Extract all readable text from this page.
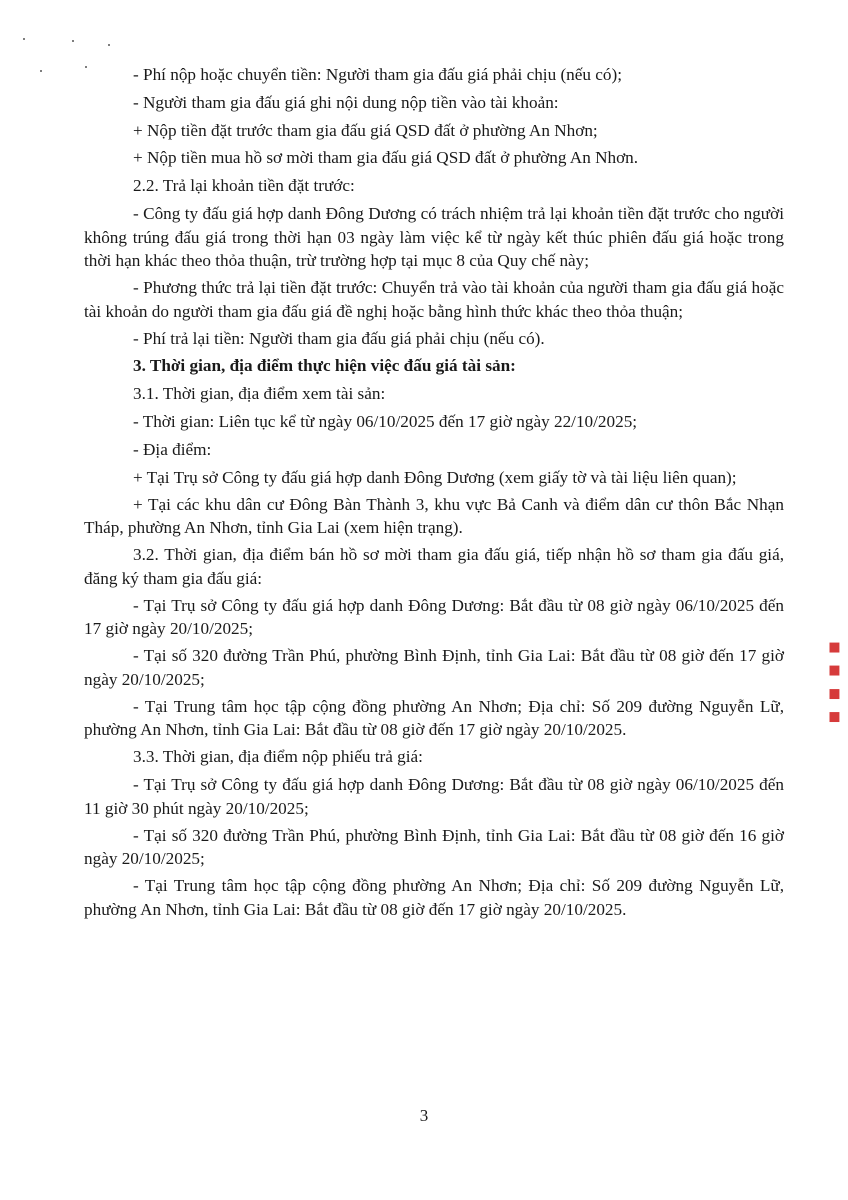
- Phí nộp hoặc chuyển tiền: Người tham gia đấu giá phải chịu (nếu có);

- Người tham gia đấu giá ghi nội dung nộp tiền vào tài khoản:

+ Nộp tiền đặt trước tham gia đấu giá QSD đất ở phường An Nhơn;

+ Nộp tiền mua hồ sơ mời tham gia đấu giá QSD đất ở phường An Nhơn.

2.2. Trả lại khoản tiền đặt trước:

- Công ty đấu giá hợp danh Đông Dương có trách nhiệm trả lại khoản tiền đặt trước cho người không trúng đấu giá trong thời hạn 03 ngày làm việc kể từ ngày kết thúc phiên đấu giá hoặc trong thời hạn khác theo thỏa thuận, trừ trường hợp tại mục 8 của Quy chế này;

- Phương thức trả lại tiền đặt trước: Chuyển trả vào tài khoản của người tham gia đấu giá hoặc tài khoản do người tham gia đấu giá đề nghị hoặc bằng hình thức khác theo thỏa thuận;

- Phí trả lại tiền: Người tham gia đấu giá phải chịu (nếu có).

3. Thời gian, địa điểm thực hiện việc đấu giá tài sản:

3.1. Thời gian, địa điểm xem tài sản:

- Thời gian: Liên tục kể từ ngày 06/10/2025 đến 17 giờ ngày 22/10/2025;

- Địa điểm:

+ Tại Trụ sở Công ty đấu giá hợp danh Đông Dương (xem giấy tờ và tài liệu liên quan);

+ Tại các khu dân cư Đông Bàn Thành 3, khu vực Bả Canh và điểm dân cư thôn Bắc Nhạn Tháp, phường An Nhơn, tỉnh Gia Lai (xem hiện trạng).

3.2. Thời gian, địa điểm bán hồ sơ mời tham gia đấu giá, tiếp nhận hồ sơ tham gia đấu giá, đăng ký tham gia đấu giá:

- Tại Trụ sở Công ty đấu giá hợp danh Đông Dương: Bắt đầu từ 08 giờ ngày 06/10/2025 đến 17 giờ ngày 20/10/2025;

- Tại số 320 đường Trần Phú, phường Bình Định, tỉnh Gia Lai: Bắt đầu từ 08 giờ đến 17 giờ ngày 20/10/2025;

- Tại Trung tâm học tập cộng đồng phường An Nhơn; Địa chỉ: Số 209 đường Nguyễn Lữ, phường An Nhơn, tỉnh Gia Lai: Bắt đầu từ 08 giờ đến 17 giờ ngày 20/10/2025.

3.3. Thời gian, địa điểm nộp phiếu trả giá:

- Tại Trụ sở Công ty đấu giá hợp danh Đông Dương: Bắt đầu từ 08 giờ ngày 06/10/2025 đến 11 giờ 30 phút ngày 20/10/2025;

- Tại số 320 đường Trần Phú, phường Bình Định, tỉnh Gia Lai: Bắt đầu từ 08 giờ đến 16 giờ ngày 20/10/2025;

- Tại Trung tâm học tập cộng đồng phường An Nhơn; Địa chỉ: Số 209 đường Nguyễn Lữ, phường An Nhơn, tỉnh Gia Lai: Bắt đầu từ 08 giờ đến 17 giờ ngày 20/10/2025.

3
■ ■ ■ ■
